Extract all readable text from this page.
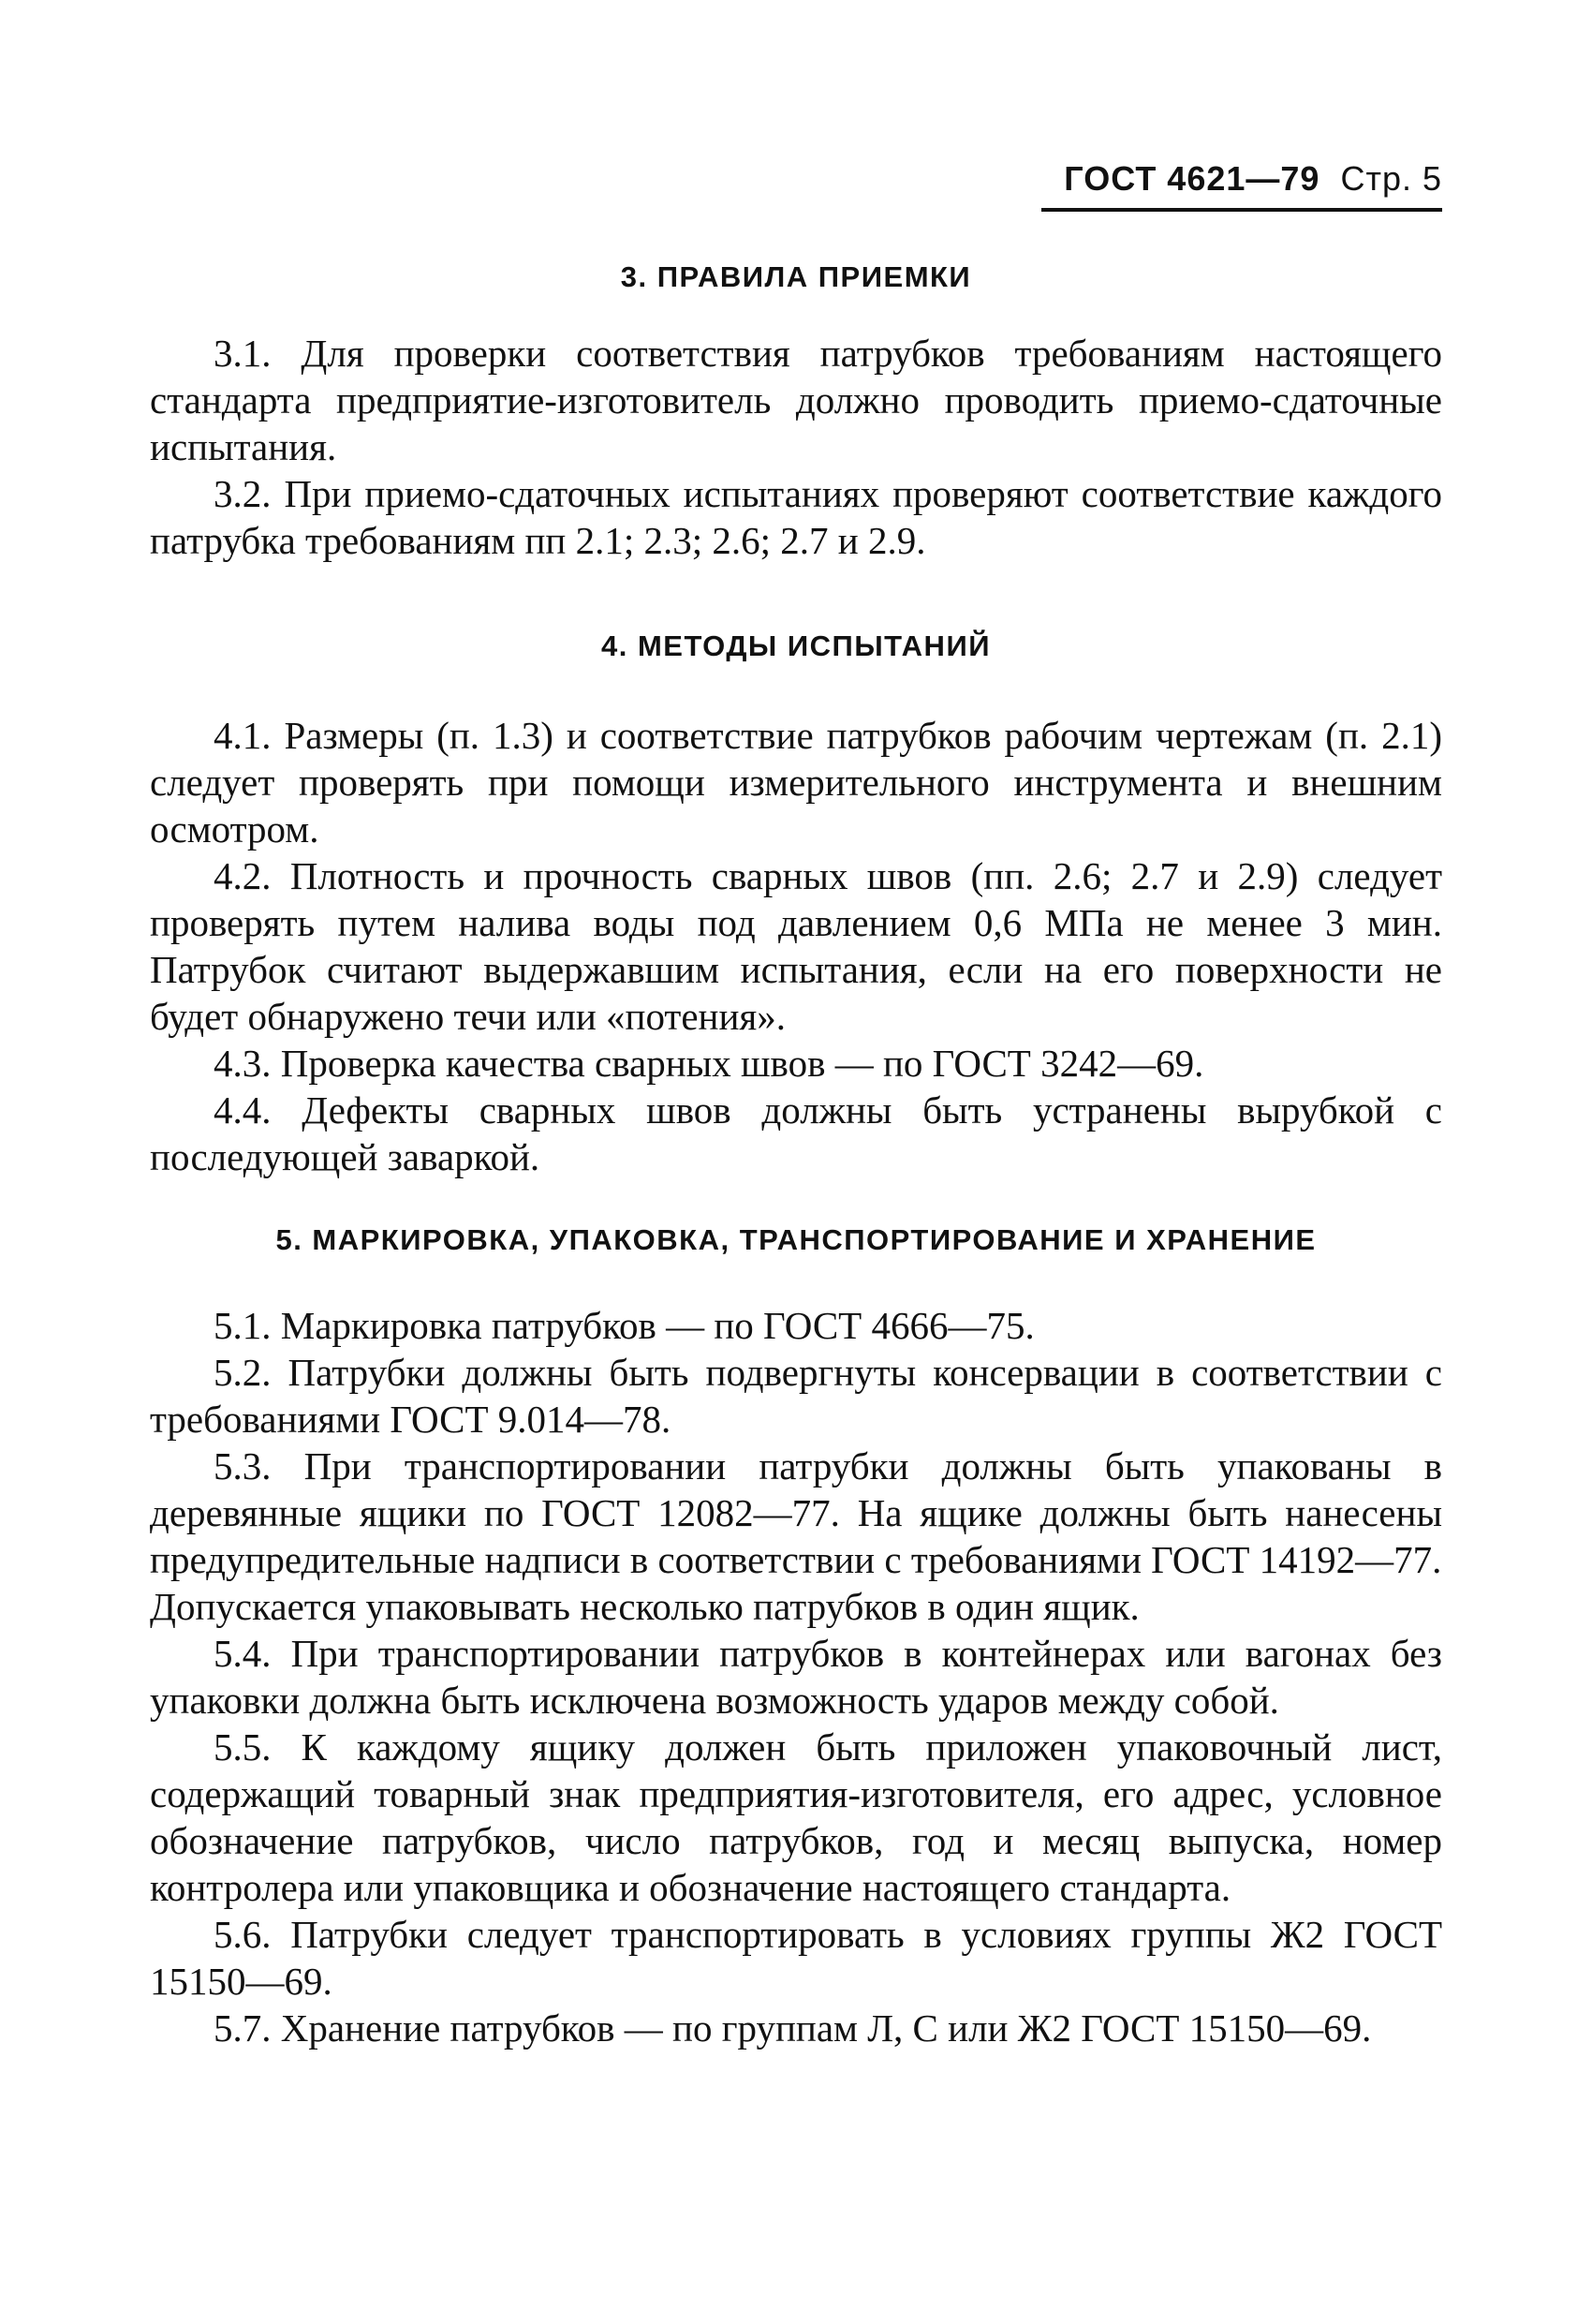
ГОСТ 4621—79 Стр. 5
3. ПРАВИЛА ПРИЕМКИ

3.1. Для проверки соответствия патрубков требованиям настоящего стандарта предприятие-изготовитель должно проводить приемо-сдаточные испытания.

3.2. При приемо-сдаточных испытаниях проверяют соответствие каждого патрубка требованиям пп 2.1; 2.3; 2.6; 2.7 и 2.9.

4. МЕТОДЫ ИСПЫТАНИЙ

4.1. Размеры (п. 1.3) и соответствие патрубков рабочим чертежам (п. 2.1) следует проверять при помощи измерительного инструмента и внешним осмотром.

4.2. Плотность и прочность сварных швов (пп. 2.6; 2.7 и 2.9) следует проверять путем налива воды под давлением 0,6 МПа не менее 3 мин. Патрубок считают выдержавшим испытания, если на его поверхности не будет обнаружено течи или «потения».

4.3. Проверка качества сварных швов — по ГОСТ 3242—69.

4.4. Дефекты сварных швов должны быть устранены вырубкой с последующей заваркой.

5. МАРКИРОВКА, УПАКОВКА, ТРАНСПОРТИРОВАНИЕ И ХРАНЕНИЕ

5.1. Маркировка патрубков — по ГОСТ 4666—75.

5.2. Патрубки должны быть подвергнуты консервации в соответствии с требованиями ГОСТ 9.014—78.

5.3. При транспортировании патрубки должны быть упакованы в деревянные ящики по ГОСТ 12082—77. На ящике должны быть нанесены предупредительные надписи в соответствии с требованиями ГОСТ 14192—77.

Допускается упаковывать несколько патрубков в один ящик.

5.4. При транспортировании патрубков в контейнерах или вагонах без упаковки должна быть исключена возможность ударов между собой.

5.5. К каждому ящику должен быть приложен упаковочный лист, содержащий товарный знак предприятия-изготовителя, его адрес, условное обозначение патрубков, число патрубков, год и месяц выпуска, номер контролера или упаковщика и обозначение настоящего стандарта.

5.6. Патрубки следует транспортировать в условиях группы Ж2 ГОСТ 15150—69.

5.7. Хранение патрубков — по группам Л, С или Ж2 ГОСТ 15150—69.
